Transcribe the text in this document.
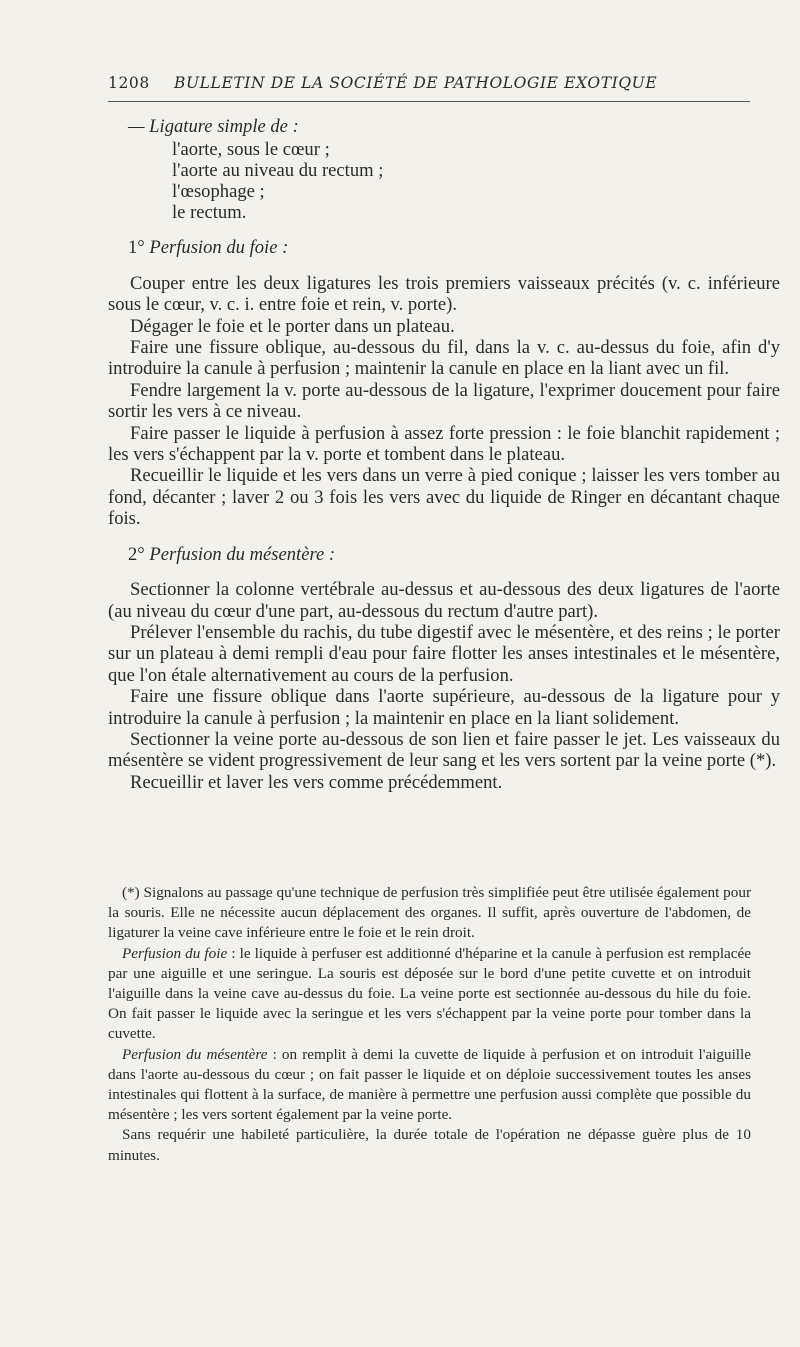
1208 BULLETIN DE LA SOCIÉTÉ DE PATHOLOGIE EXOTIQUE
— Ligature simple de :
l'aorte, sous le cœur ;
l'aorte au niveau du rectum ;
l'œsophage ;
le rectum.
1° Perfusion du foie :

Couper entre les deux ligatures les trois premiers vaisseaux précités (v. c. inférieure sous le cœur, v. c. i. entre foie et rein, v. porte).

Dégager le foie et le porter dans un plateau.

Faire une fissure oblique, au-dessous du fil, dans la v. c. au-dessus du foie, afin d'y introduire la canule à perfusion ; maintenir la canule en place en la liant avec un fil.

Fendre largement la v. porte au-dessous de la ligature, l'exprimer doucement pour faire sortir les vers à ce niveau.

Faire passer le liquide à perfusion à assez forte pression : le foie blanchit rapidement ; les vers s'échappent par la v. porte et tombent dans le plateau.

Recueillir le liquide et les vers dans un verre à pied conique ; laisser les vers tomber au fond, décanter ; laver 2 ou 3 fois les vers avec du liquide de Ringer en décantant chaque fois.

2° Perfusion du mésentère :

Sectionner la colonne vertébrale au-dessus et au-dessous des deux ligatures de l'aorte (au niveau du cœur d'une part, au-dessous du rectum d'autre part).

Prélever l'ensemble du rachis, du tube digestif avec le mésentère, et des reins ; le porter sur un plateau à demi rempli d'eau pour faire flotter les anses intestinales et le mésentère, que l'on étale alternativement au cours de la perfusion.

Faire une fissure oblique dans l'aorte supérieure, au-dessous de la ligature pour y introduire la canule à perfusion ; la maintenir en place en la liant solidement.

Sectionner la veine porte au-dessous de son lien et faire passer le jet. Les vaisseaux du mésentère se vident progressivement de leur sang et les vers sortent par la veine porte (*).

Recueillir et laver les vers comme précédemment.

(*) Signalons au passage qu'une technique de perfusion très simplifiée peut être utilisée également pour la souris. Elle ne nécessite aucun déplacement des organes. Il suffit, après ouverture de l'abdomen, de ligaturer la veine cave inférieure entre le foie et le rein droit.

Perfusion du foie : le liquide à perfuser est additionné d'héparine et la canule à perfusion est remplacée par une aiguille et une seringue. La souris est déposée sur le bord d'une petite cuvette et on introduit l'aiguille dans la veine cave au-dessus du foie. La veine porte est sectionnée au-dessous du hile du foie. On fait passer le liquide avec la seringue et les vers s'échappent par la veine porte pour tomber dans la cuvette.

Perfusion du mésentère : on remplit à demi la cuvette de liquide à perfusion et on introduit l'aiguille dans l'aorte au-dessous du cœur ; on fait passer le liquide et on déploie successivement toutes les anses intestinales qui flottent à la surface, de manière à permettre une perfusion aussi complète que possible du mésentère ; les vers sortent également par la veine porte.

Sans requérir une habileté particulière, la durée totale de l'opération ne dépasse guère plus de 10 minutes.
